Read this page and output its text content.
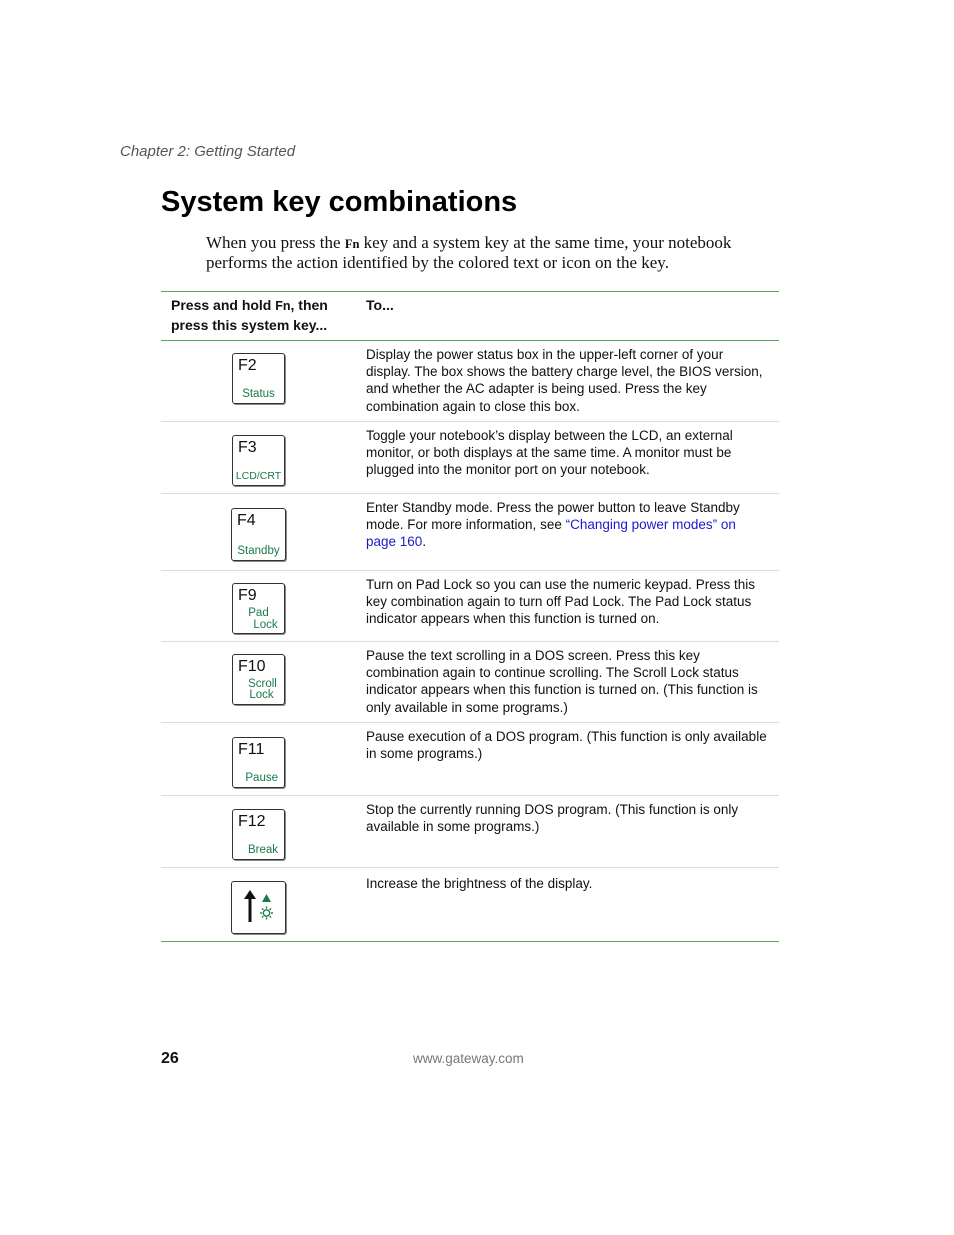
Chapter 2: Getting Started
System key combinations
When you press the Fn key and a system key at the same time, your notebook performs the action identified by the colored text or icon on the key.
Press and hold Fn, then press this system key...
To...
F2
Status
Display the power status box in the upper-left corner of your display. The box shows the battery charge level, the BIOS version, and whether the AC adapter is being used. Press the key combination again to close this box.
F3
LCD/CRT
Toggle your notebook’s display between the LCD, an external monitor, or both displays at the same time. A monitor must be plugged into the monitor port on your notebook.
F4
Standby
Enter Standby mode. Press the power button to leave Standby mode. For more information, see “Changing power modes” on page 160.
F9
Pad
Lock
Turn on Pad Lock so you can use the numeric keypad. Press this key combination again to turn off Pad Lock. The Pad Lock status indicator appears when this function is turned on.
F10
Scroll
Lock
Pause the text scrolling in a DOS screen. Press this key combination again to continue scrolling. The Scroll Lock status indicator appears when this function is turned on. (This function is only available in some programs.)
F11
Pause
Pause execution of a DOS program. (This function is only available in some programs.)
F12
Break
Stop the currently running DOS program. (This function is only available in some programs.)
Increase the brightness of the display.
26	www.gateway.com
